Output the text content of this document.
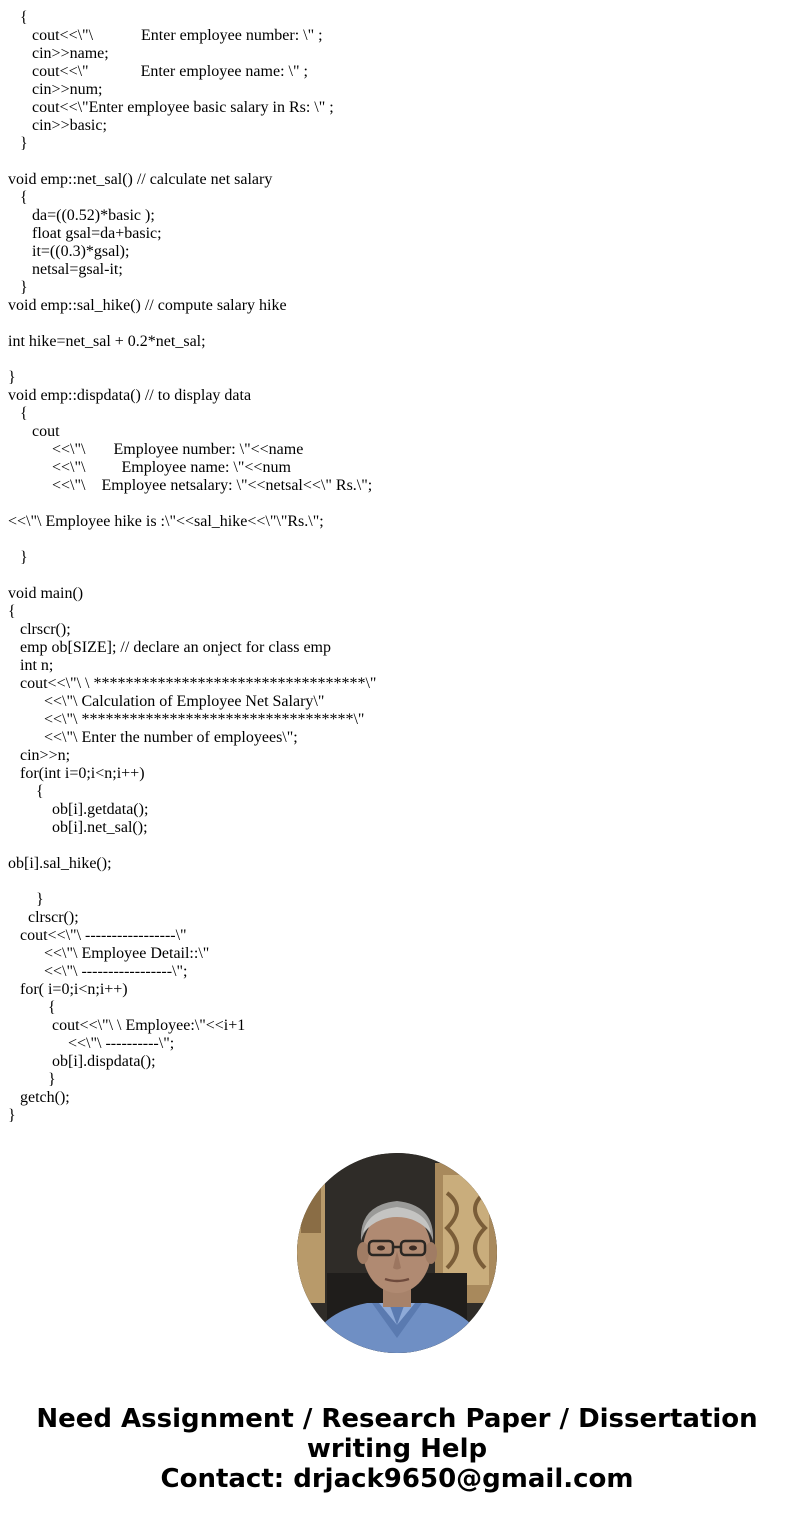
{
cout<<\"\            Enter employee number: \" ;
cin>>name;
cout<<\"             Enter employee name: \" ;
cin>>num;
cout<<\"Enter employee basic salary in Rs: \" ;
cin>>basic;
}
void emp::net_sal() // calculate net salary
{
da=((0.52)*basic );
float gsal=da+basic;
it=((0.3)*gsal);
netsal=gsal-it;
}
void emp::sal_hike() // compute salary hike
int hike=net_sal + 0.2*net_sal;
}
void emp::dispdata() // to display data
{
cout
<<\"\       Employee number: \"<<name
<<\"\         Employee name: \"<<num
<<\"\    Employee netsalary: \"<<netsal<<\" Rs.\";
<<\"\ Employee hike is :\"<<sal_hike<<\"\"Rs.\";
}
void main()
{
clrscr();
emp ob[SIZE]; // declare an onject for class emp
int n;
cout<<\"\ \ **********************************\"
<<\"\ Calculation of Employee Net Salary\"
<<\"\ **********************************\"
<<\"\ Enter the number of employees\";
cin>>n;
for(int i=0;i<n;i++)
{
ob[i].getdata();
ob[i].net_sal();
ob[i].sal_hike();
}
clrscr();
cout<<\"\ -----------------\"
<<\"\ Employee Detail::\"
<<\"\ -----------------\";
for( i=0;i<n;i++)
{
cout<<\"\ \ Employee:\"<<i+1
<<\"\ ----------\";
ob[i].dispdata();
}
getch();
}
Need Assignment / Research Paper / Dissertation
writing Help
Contact: drjack9650@gmail.com
